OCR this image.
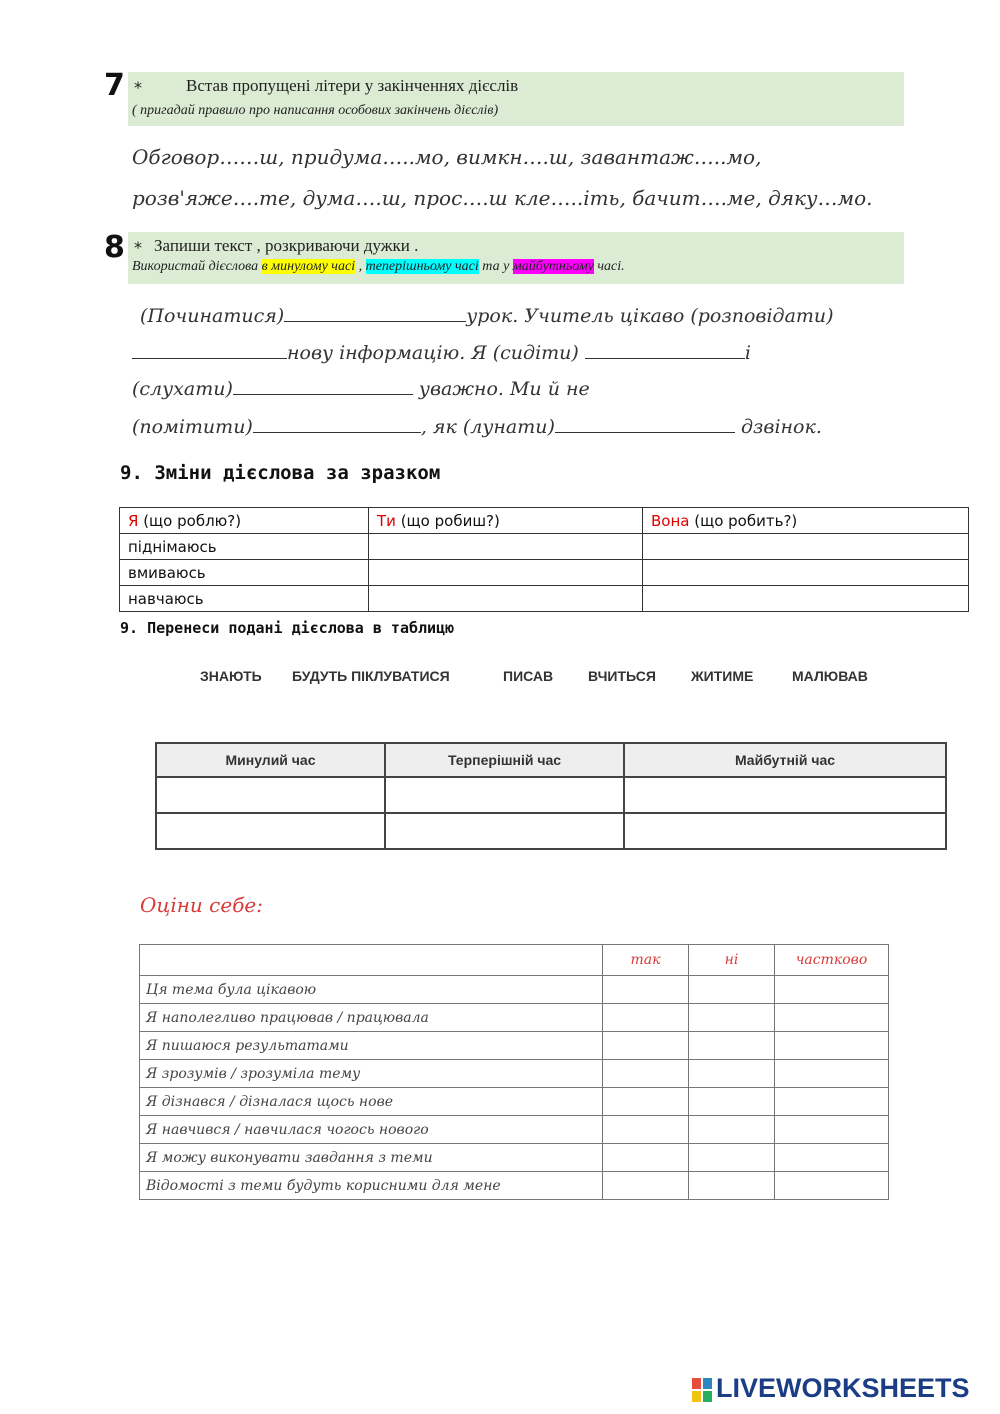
7 *	Встав пропущені літери у закінченнях дієслів
( пригадай правило про написання особових закінчень дієслів)
Обговор……ш, придума…..мо, вимкн….ш, завантаж…..мо,
розв'яже….те, дума….ш, прос….ш кле…..іть, бачит….ме, дяку…мо.
8 * Запиши текст , розкриваючи дужки .
Використай дієслова в минулому часі , теперішньому часі та у майбутньому часі.
(Починатися)	урок. Учитель цікаво (розповідати)
нову інформацію. Я (сидіти)	і
(слухати)	уважно. Ми й не
(помітити)	, як (лунати)	дзвінок.
9. Зміни дієслова за зразком
Я (що роблю?)	Ти (що робиш?)	Вона (що робить?)
піднімаюсь		
вмиваюсь		
навчаюсь		
9. Перенеси подані дієслова в таблицю
ЗНАЮТЬ БУДУТЬ ПІКЛУВАТИСЯ	ПИСАВ ВЧИТЬСЯ	ЖИТИМЕ	МАЛЮВАВ
Минулий час	Терперішній час	Майбутній час

Оціни себе:
	так	ні	частково
Ця тема була цікавою			
Я наполегливо працював / працювала			
Я пишаюся результатами			
Я зрозумів / зрозуміла тему			
Я дізнався / дізналася щось нове			
Я навчився / навчилася чогось нового			
Я можу виконувати завдання з теми			
Відомості з теми будуть корисними для мене			
LIVEWORKSHEETS
